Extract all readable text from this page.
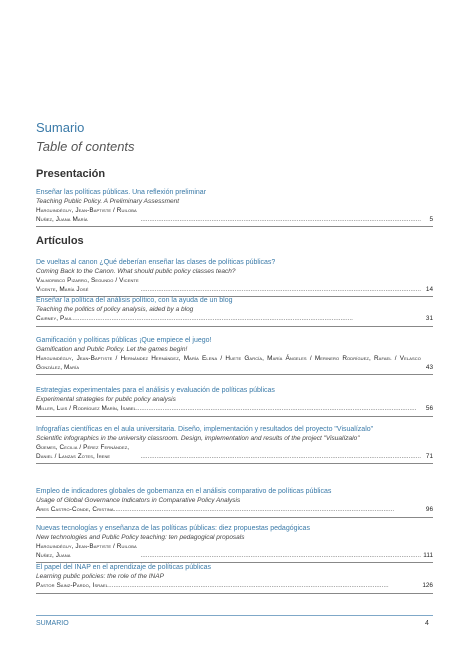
Sumario
Table of contents
Presentación
Enseñar las políticas públicas. Una reflexión preliminar
Teaching Public Policy. A Preliminary Assessment
Harguindéguy, Jean-Baptiste / Ruiloba Nuñez, Juana María	..............................................................................................................................................................	5
Artículos
De vueltas al canon ¿Qué deberían enseñar las clases de políticas públicas?
Coming Back to the Canon. What should public policy classes teach?
Valmoribco Pizarro, Segundo / Vicente Vicente, María José	.............................................................................................................................................................. 14
Enseñar la política del análisis político, con la ayuda de un blog
Teaching the politics of policy analysis, aided by a blog
Cairney, Paul ..............................................................................................................................................................	31
Gamificación y políticas públicas ¡Que empiece el juego!
Gamification and Public Policy. Let the games begin!
Harguindéguy, Jean-Baptiste / Hernández Hernández, María Elena / Huete García, María Ángeles / Merinero Rodríguez, Rafael / Velasco González, María	43
Estrategias experimentales para el análisis y evaluación de políticas públicas
Experimental strategies for public policy analysis
Miller, Luis / Rodríguez Marín, Isabel ..............................................................................................................................................................	56
Infografías científicas en el aula universitaria. Diseño, implementación y resultados del proyecto "Visualízalo"
Scientific infographics in the university classroom. Design, implementation and results of the project "Visualízalo"
Güemes, Cecilia / Pérez Fernández, Daniel / Lanzas Zotes, Irene	.............................................................................................................................................................. 71
Empleo de indicadores globales de gobernanza en el análisis comparativo de políticas públicas
Usage of Global Governance Indicators in Comparative Policy Analysis
Ares Castro-Conde, Cristina ..............................................................................................................................................................	96
Nuevas tecnologías y enseñanza de las políticas públicas: diez propuestas pedagógicas
New technologies and Public Policy teaching: ten pedagogical proposals
Harguindéguy, Jean-Baptiste / Ruiloba Nuñez, Juana	.............................................................................................................................................................. 111
El papel del INAP en el aprendizaje de políticas públicas
Learning public policies: the role of the INAP
Pastor Sainz-Pardo, Israel ..............................................................................................................................................................	126
SUMARIO	4
